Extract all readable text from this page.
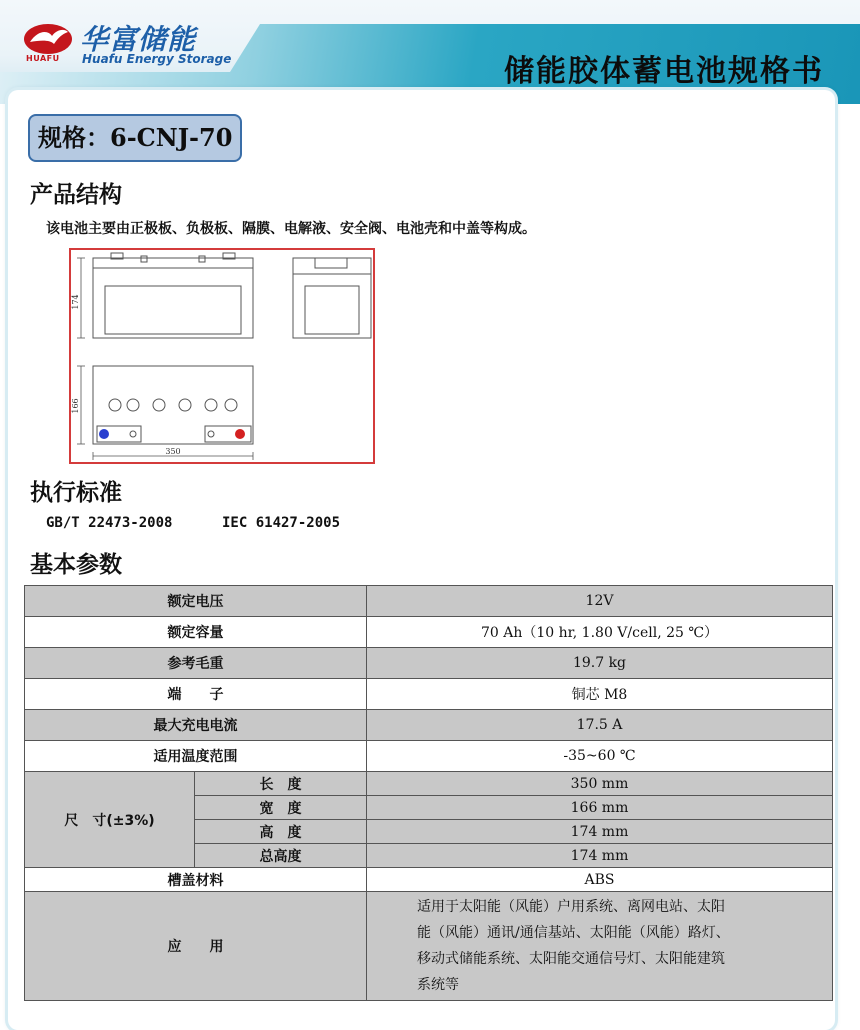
HUAFU
华富储能
Huafu Energy Storage	储能胶体蓄电池规格书
规格：6-CNJ-70
产品结构
该电池主要由正极板、负极板、隔膜、电解液、安全阀、电池壳和中盖等构成。
174
166
350
执行标准
GB/T 22473-2008	IEC 61427-2005
基本参数
额定电压		12V
额定容量		70 Ah（10 hr, 1.80 V/cell, 25 ℃）
参考毛重		19.7 kg
端　　子		铜芯 M8
最大充电电流		17.5 A
适用温度范围		-35~60 ℃
尺　寸(±3%)	长　度	350 mm
	宽　度	166 mm
	高　度	174 mm
	总高度	174 mm
槽盖材料		ABS
应　　用		适用于太阳能（风能）户用系统、离网电站、太阳
能（风能）通讯/通信基站、太阳能（风能）路灯、
移动式储能系统、太阳能交通信号灯、太阳能建筑
系统等
